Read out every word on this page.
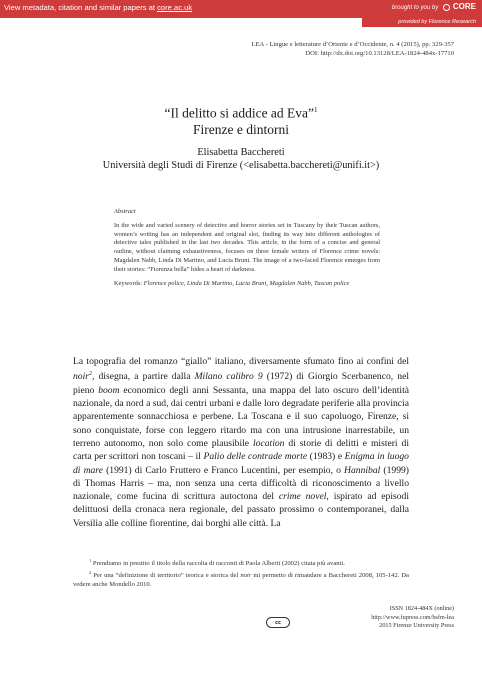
View metadata, citation and similar papers at core.ac.uk	brought to you by CORE
provided by Florence Research
LEA - Lingue e letterature d’Oriente e d’Occidente, n. 4 (2015), pp. 329-357
DOI: http://dx.doi.org/10.13128/LEA-1824-484x-17710
“Il delitto si addice ad Eva”$^1$
Firenze e dintorni
Elisabetta Bacchereti
Università degli Studi di Firenze (<elisabetta.bacchereti@unifi.it>)
Abstract
In the wide and varied scenery of detective and horror stories set in Tuscany by their Tuscan authors, women’s writing has an independent and original slot, finding its way into different anthologies of detective tales published in the last two decades. This article, in the form of a concise and general outline, without claiming exhaustiveness, focuses on three female writers of Florence crime novels: Magdalen Nabb, Linda Di Martino, and Lucia Bruni. The image of a two-faced Florence emerges from their stories: “Fiorenza bella” hides a heart of darkness.
Keywords: Florence police, Linda Di Martino, Lucia Bruni, Magdalen Nabb, Tuscan police
La topografia del romanzo “giallo” italiano, diversamente sfumato fino ai confini del noir$^2$, disegna, a partire dalla Milano calibro 9 (1972) di Giorgio Scerbanenco, nel pieno boom economico degli anni Sessanta, una mappa del lato oscuro dell’identità nazionale, da nord a sud, dai centri urbani e dalle loro degradate periferie alla provincia apparentemente sonnacchiosa e perbene. La Toscana e il suo capoluogo, Firenze, si sono conquistate, forse con leggero ritardo ma con una intrusione inarrestabile, un terreno autonomo, non solo come plausibile location di storie di delitti e misteri di carta per scrittori non toscani – il Palio delle contrade morte (1983) e Enigma in luogo di mare (1991) di Carlo Fruttero e Franco Lucentini, per esempio, o Hannibal (1999) di Thomas Harris – ma, non senza una certa difficoltà di riconoscimento a livello nazionale, come fucina di scrittura autoctona del crime novel, ispirato ad episodi delittuosi della cronaca nera regionale, del passato prossimo o contemporanei, dalla Versilia alle colline fiorentine, dai borghi alle città. La

$^1$ Prendiamo in prestito il titolo della raccolta di racconti di Paola Alberti (2002) citata più avanti.

$^2$ Per una “definizione di territorio” teorica e storica del noir mi permetto di rimandare a Bacchereti 2008, 105-142. Da vedere anche Mondello 2010.

cc
ISSN 1824-484X (online)
http://www.fupress.com/bsfm-lea
2015 Firenze University Press
